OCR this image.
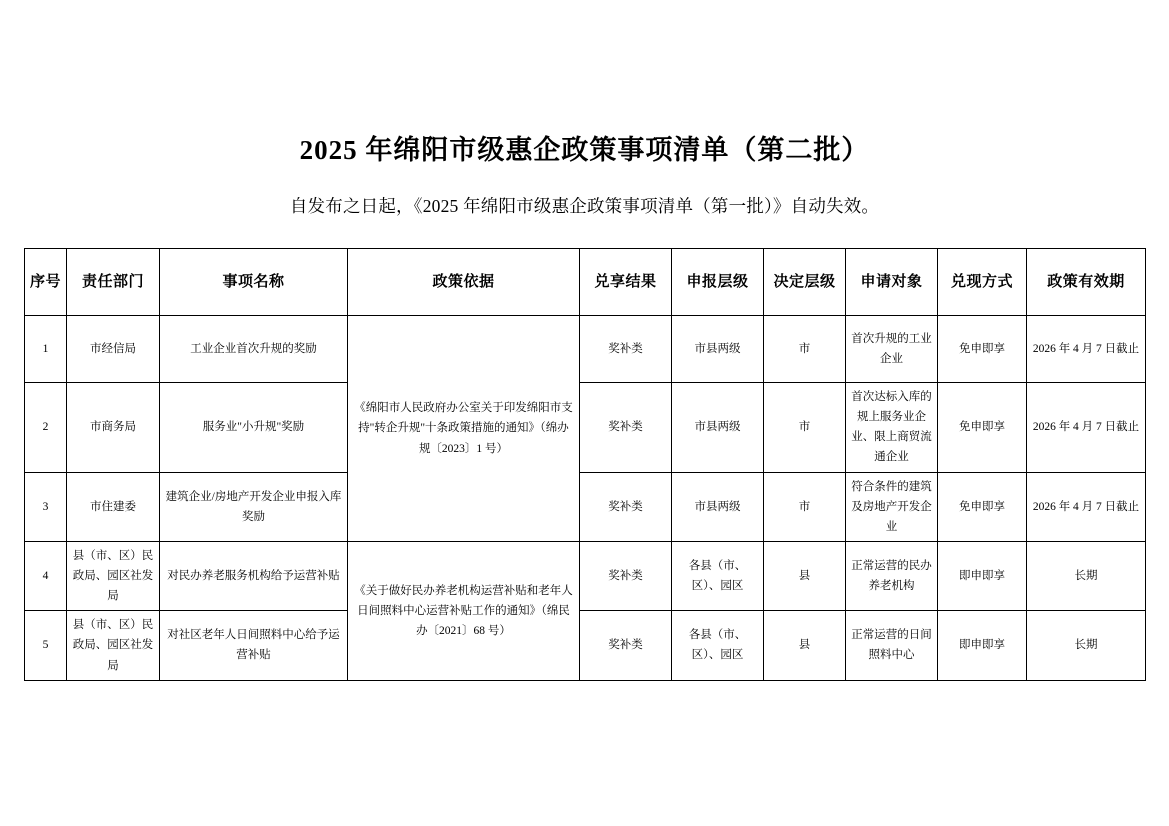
2025 年绵阳市级惠企政策事项清单（第二批）

自发布之日起，《2025 年绵阳市级惠企政策事项清单（第一批）》自动失效。

序号	责任部门	事项名称	政策依据	兑享结果	申报层级	决定层级	申请对象	兑现方式	政策有效期
1	市经信局	工业企业首次升规的奖励	《绵阳市人民政府办公室关于印发绵阳市支持"转企升规"十条政策措施的通知》（绵办规〔2023〕1 号）	奖补类	市县两级	市	首次升规的工业企业	免申即享	2026 年 4 月 7 日截止
2	市商务局	服务业"小升规"奖励		奖补类	市县两级	市	首次达标入库的规上服务业企业、限上商贸流通企业	免申即享	2026 年 4 月 7 日截止
3	市住建委	建筑企业/房地产开发企业申报入库奖励		奖补类	市县两级	市	符合条件的建筑及房地产开发企业	免申即享	2026 年 4 月 7 日截止
4	县（市、区）民政局、园区社发局	对民办养老服务机构给予运营补贴	《关于做好民办养老机构运营补贴和老年人日间照料中心运营补贴工作的通知》（绵民办〔2021〕68 号）	奖补类	各县（市、区）、园区	县	正常运营的民办养老机构	即申即享	长期
5	县（市、区）民政局、园区社发局	对社区老年人日间照料中心给予运营补贴		奖补类	各县（市、区）、园区	县	正常运营的日间照料中心	即申即享	长期
